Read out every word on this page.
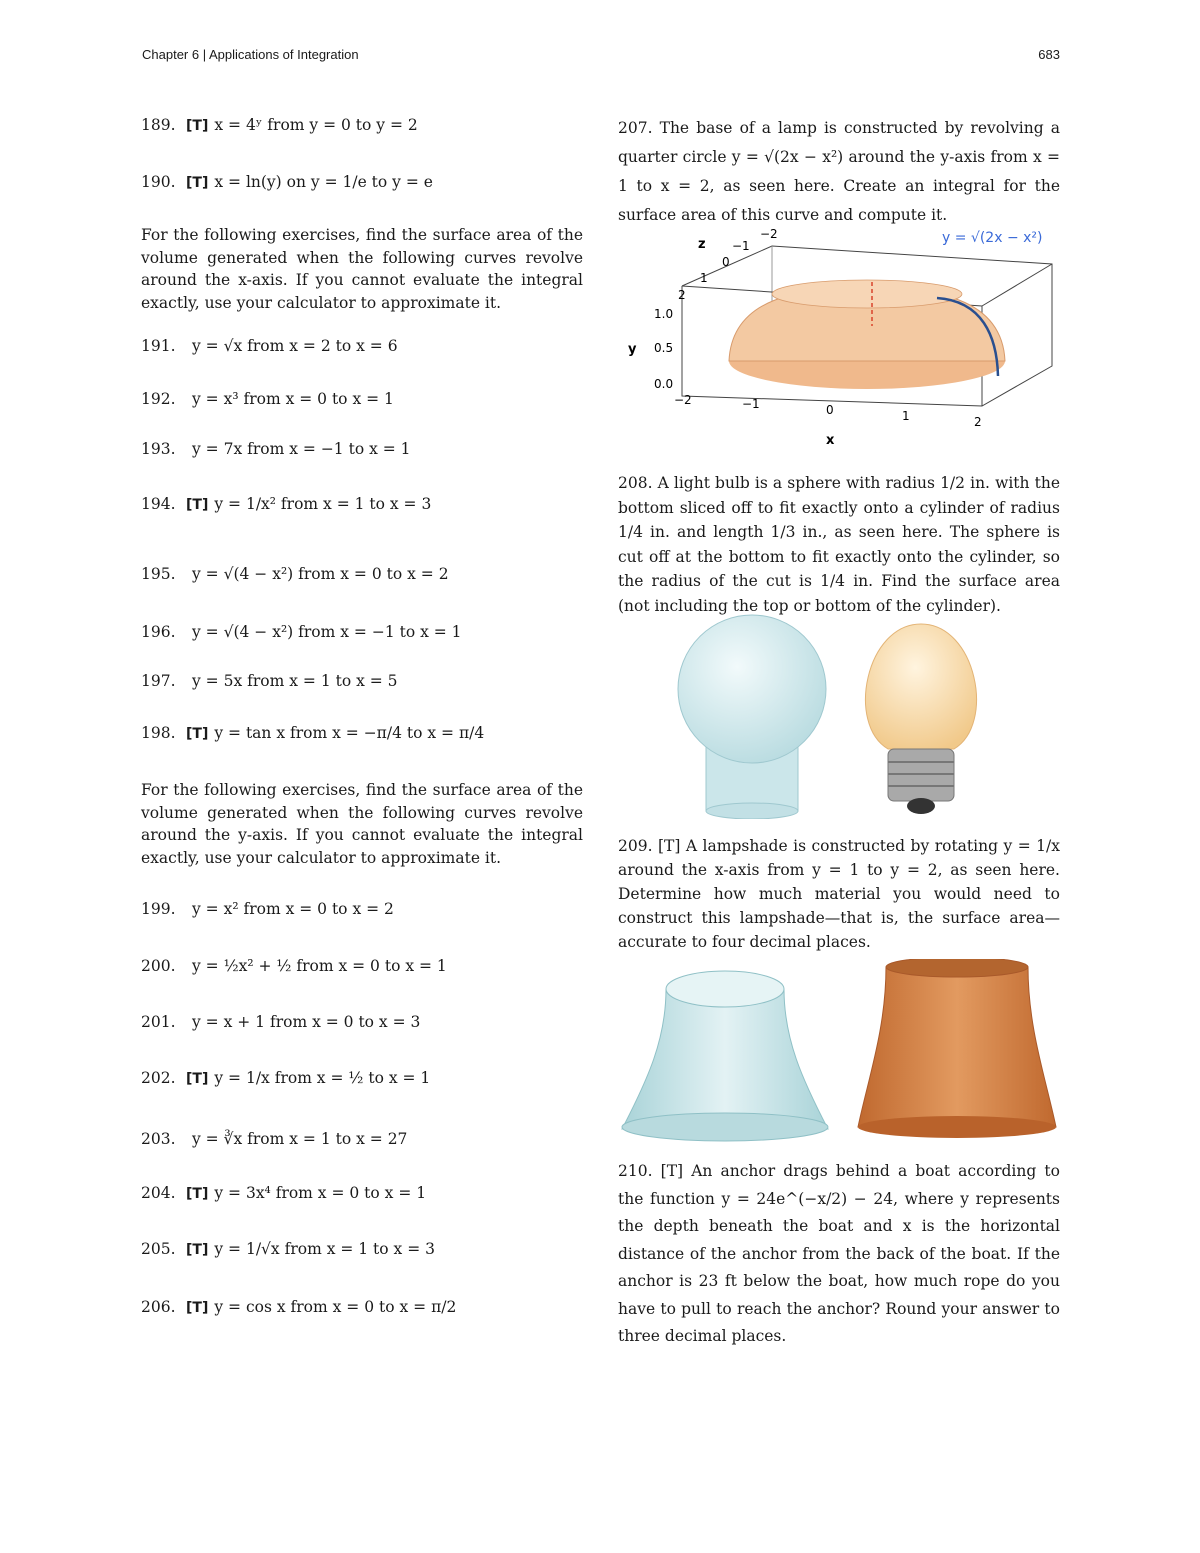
Chapter 6 | Applications of Integration	683
189. [T] x = 4ʸ from y = 0 to y = 2
190. [T] x = ln(y) on y = 1/e to y = e
For the following exercises, find the surface area of the volume generated when the following curves revolve around the x-axis. If you cannot evaluate the integral exactly, use your calculator to approximate it.
191. y = √x from x = 2 to x = 6
192. y = x³ from x = 0 to x = 1
193. y = 7x from x = −1 to x = 1
194. [T] y = 1/x² from x = 1 to x = 3
195. y = √(4 − x²) from x = 0 to x = 2
196. y = √(4 − x²) from x = −1 to x = 1
197. y = 5x from x = 1 to x = 5
198. [T] y = tan x from x = −π/4 to x = π/4
For the following exercises, find the surface area of the volume generated when the following curves revolve around the y-axis. If you cannot evaluate the integral exactly, use your calculator to approximate it.
199. y = x² from x = 0 to x = 2
200. y = ½x² + ½ from x = 0 to x = 1
201. y = x + 1 from x = 0 to x = 3
202. [T] y = 1/x from x = ½ to x = 1
203. y = ∛x from x = 1 to x = 27
204. [T] y = 3x⁴ from x = 0 to x = 1
205. [T] y = 1/√x from x = 1 to x = 3
206. [T] y = cos x from x = 0 to x = π/2
207. The base of a lamp is constructed by revolving a quarter circle y = √(2x − x²) around the y-axis from x = 1 to x = 2, as seen here. Create an integral for the surface area of this curve and compute it.
y = √(2x − x²)
z
−2
−1
0
1
2
1.0
0.5
0.0
y
−2	−1	0	1	2
x
208. A light bulb is a sphere with radius 1/2 in. with the bottom sliced off to fit exactly onto a cylinder of radius 1/4 in. and length 1/3 in., as seen here. The sphere is cut off at the bottom to fit exactly onto the cylinder, so the radius of the cut is 1/4 in. Find the surface area (not including the top or bottom of the cylinder).
209. [T] A lampshade is constructed by rotating y = 1/x around the x-axis from y = 1 to y = 2, as seen here. Determine how much material you would need to construct this lampshade—that is, the surface area—accurate to four decimal places.
210. [T] An anchor drags behind a boat according to the function y = 24e^(−x/2) − 24, where y represents the depth beneath the boat and x is the horizontal distance of the anchor from the back of the boat. If the anchor is 23 ft below the boat, how much rope do you have to pull to reach the anchor? Round your answer to three decimal places.
